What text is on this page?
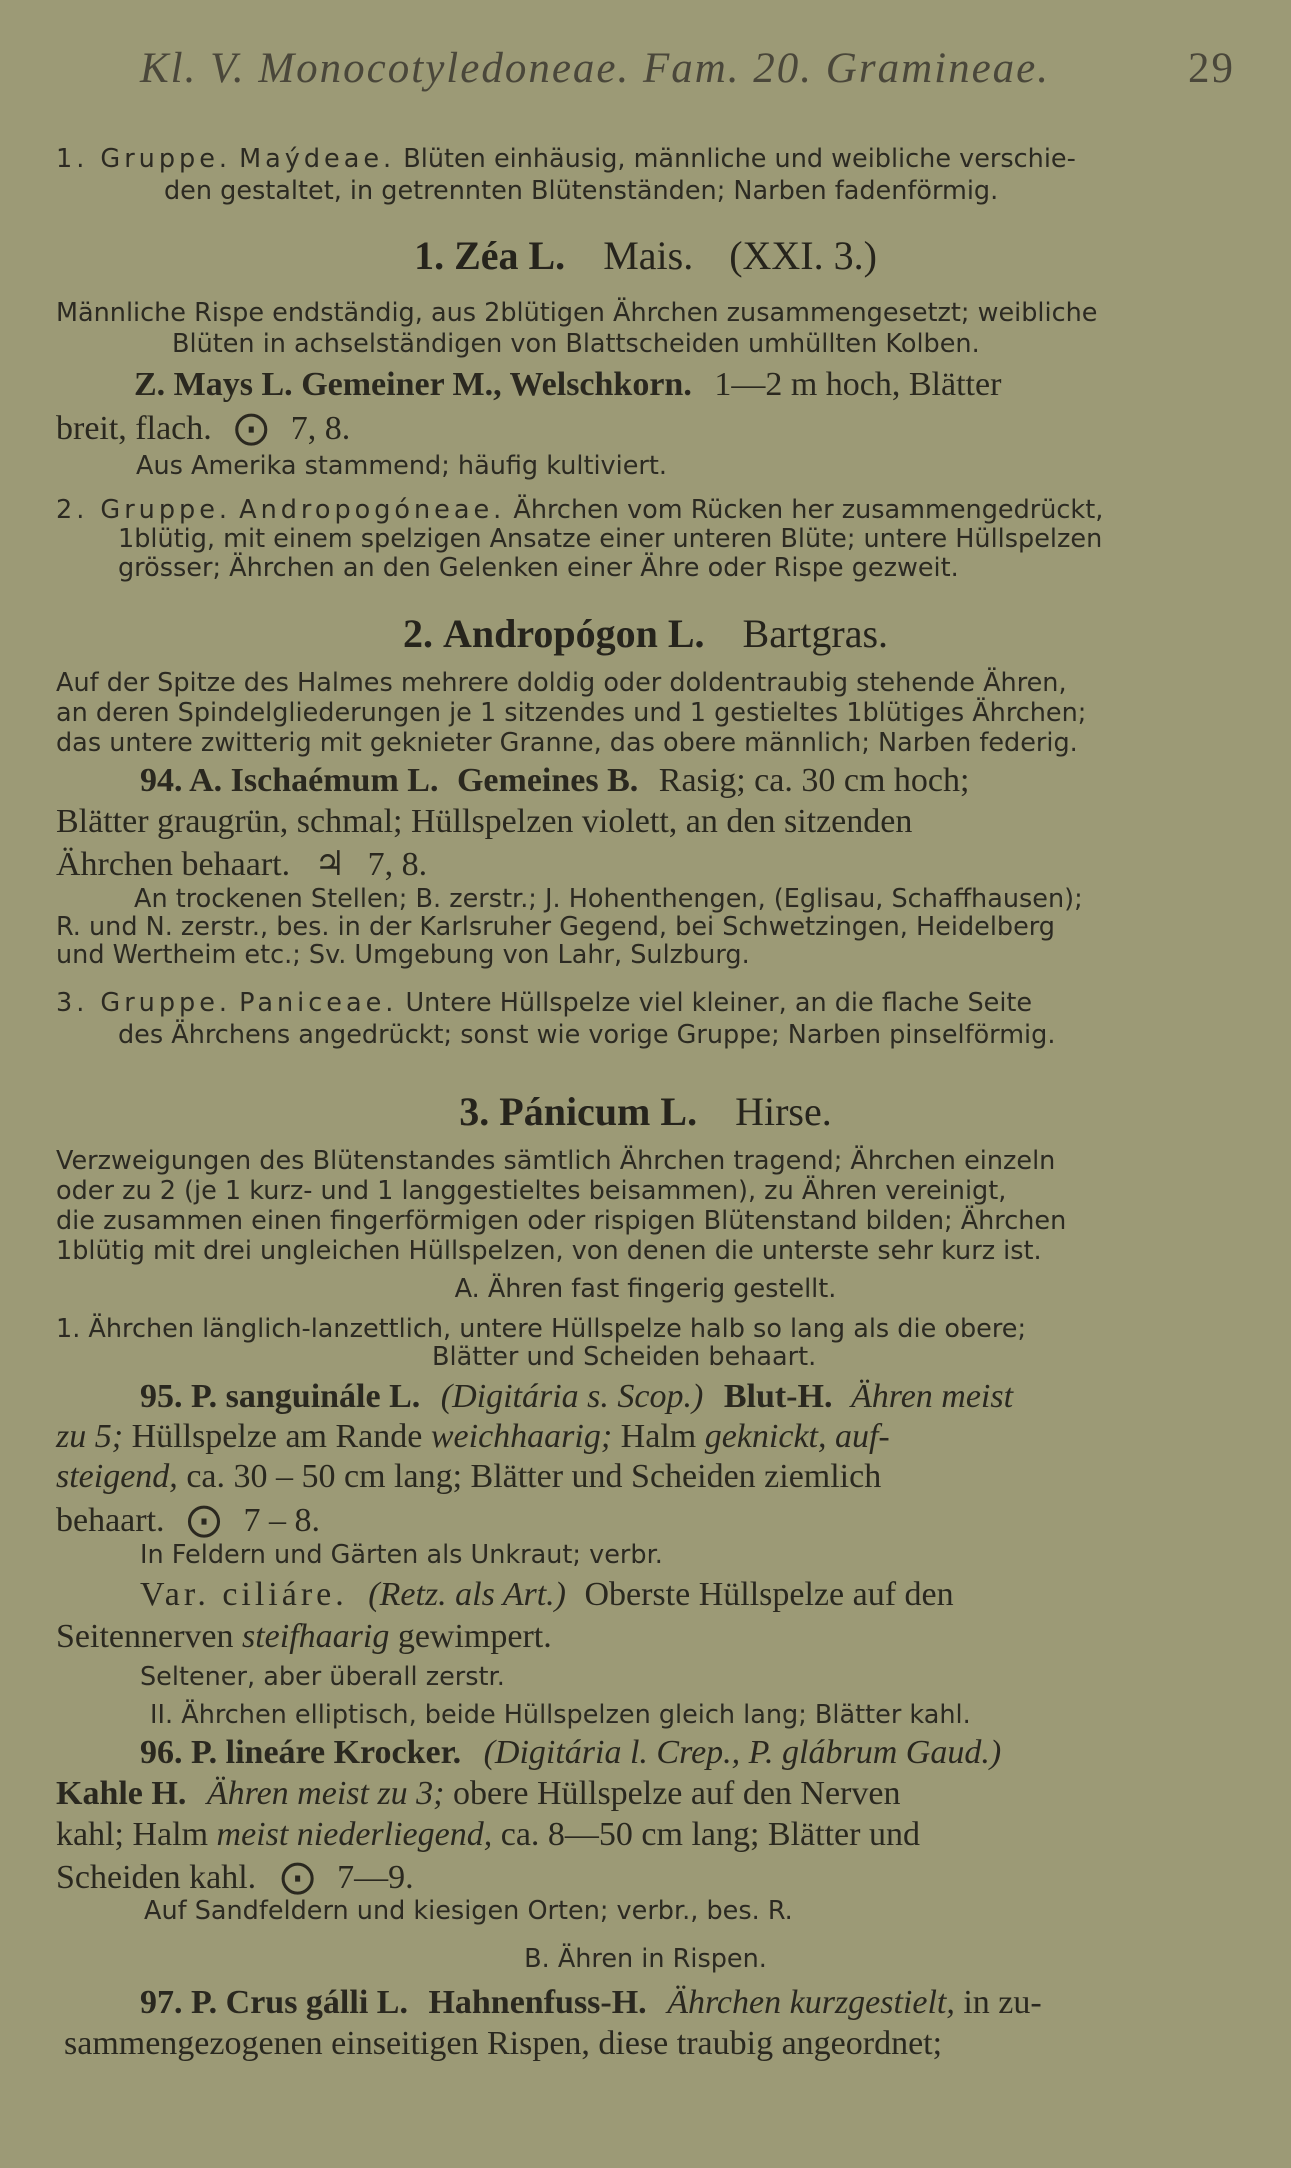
Kl. V. Monocotyledoneae. Fam. 20. Gramineae.	29
1. Gruppe. Maýdeae. Blüten einhäusig, männliche und weibliche verschie-
den gestaltet, in getrennten Blütenständen; Narben fadenförmig.
1. Zéa L. Mais. (XXI. 3.)
Männliche Rispe endständig, aus 2blütigen Ährchen zusammengesetzt; weibliche
Blüten in achselständigen von Blattscheiden umhüllten Kolben.
Z. Mays L. Gemeiner M., Welschkorn. 1—2 m hoch, Blätter
breit, flach. ⨀ 7, 8.
Aus Amerika stammend; häufig kultiviert.
2. Gruppe. Andropogóneae. Ährchen vom Rücken her zusammengedrückt,
1blütig, mit einem spelzigen Ansatze einer unteren Blüte; untere Hüllspelzen
grösser; Ährchen an den Gelenken einer Ähre oder Rispe gezweit.
2. Andropógon L. Bartgras.
Auf der Spitze des Halmes mehrere doldig oder doldentraubig stehende Ähren,
an deren Spindelgliederungen je 1 sitzendes und 1 gestieltes 1blütiges Ährchen;
das untere zwitterig mit geknieter Granne, das obere männlich; Narben federig.
94. A. Ischaémum L. Gemeines B. Rasig; ca. 30 cm hoch;
Blätter graugrün, schmal; Hüllspelzen violett, an den sitzenden
Ährchen behaart. ♃ 7, 8.
An trockenen Stellen; B. zerstr.; J. Hohenthengen, (Eglisau, Schaffhausen);
R. und N. zerstr., bes. in der Karlsruher Gegend, bei Schwetzingen, Heidelberg
und Wertheim etc.; Sv. Umgebung von Lahr, Sulzburg.
3. Gruppe. Paniceae. Untere Hüllspelze viel kleiner, an die flache Seite
des Ährchens angedrückt; sonst wie vorige Gruppe; Narben pinselförmig.
3. Pánicum L. Hirse.
Verzweigungen des Blütenstandes sämtlich Ährchen tragend; Ährchen einzeln
oder zu 2 (je 1 kurz- und 1 langgestieltes beisammen), zu Ähren vereinigt,
die zusammen einen fingerförmigen oder rispigen Blütenstand bilden; Ährchen
1blütig mit drei ungleichen Hüllspelzen, von denen die unterste sehr kurz ist.
A. Ähren fast fingerig gestellt.
1. Ährchen länglich-lanzettlich, untere Hüllspelze halb so lang als die obere;
Blätter und Scheiden behaart.
95. P. sanguinále L. (Digitária s. Scop.) Blut-H. Ähren meist
zu 5; Hüllspelze am Rande weichhaarig; Halm geknickt, auf-
steigend, ca. 30 – 50 cm lang; Blätter und Scheiden ziemlich
behaart. ⨀ 7 – 8.
In Feldern und Gärten als Unkraut; verbr.
Var. ciliáre. (Retz. als Art.) Oberste Hüllspelze auf den
Seitennerven steifhaarig gewimpert.
Seltener, aber überall zerstr.
II. Ährchen elliptisch, beide Hüllspelzen gleich lang; Blätter kahl.
96. P. lineáre Krocker. (Digitária l. Crep., P. glábrum Gaud.)
Kahle H. Ähren meist zu 3; obere Hüllspelze auf den Nerven
kahl; Halm meist niederliegend, ca. 8—50 cm lang; Blätter und
Scheiden kahl. ⨀ 7—9.
Auf Sandfeldern und kiesigen Orten; verbr., bes. R.
B. Ähren in Rispen.
97. P. Crus gálli L. Hahnenfuss-H. Ährchen kurzgestielt, in zu-
sammengezogenen einseitigen Rispen, diese traubig angeordnet;
